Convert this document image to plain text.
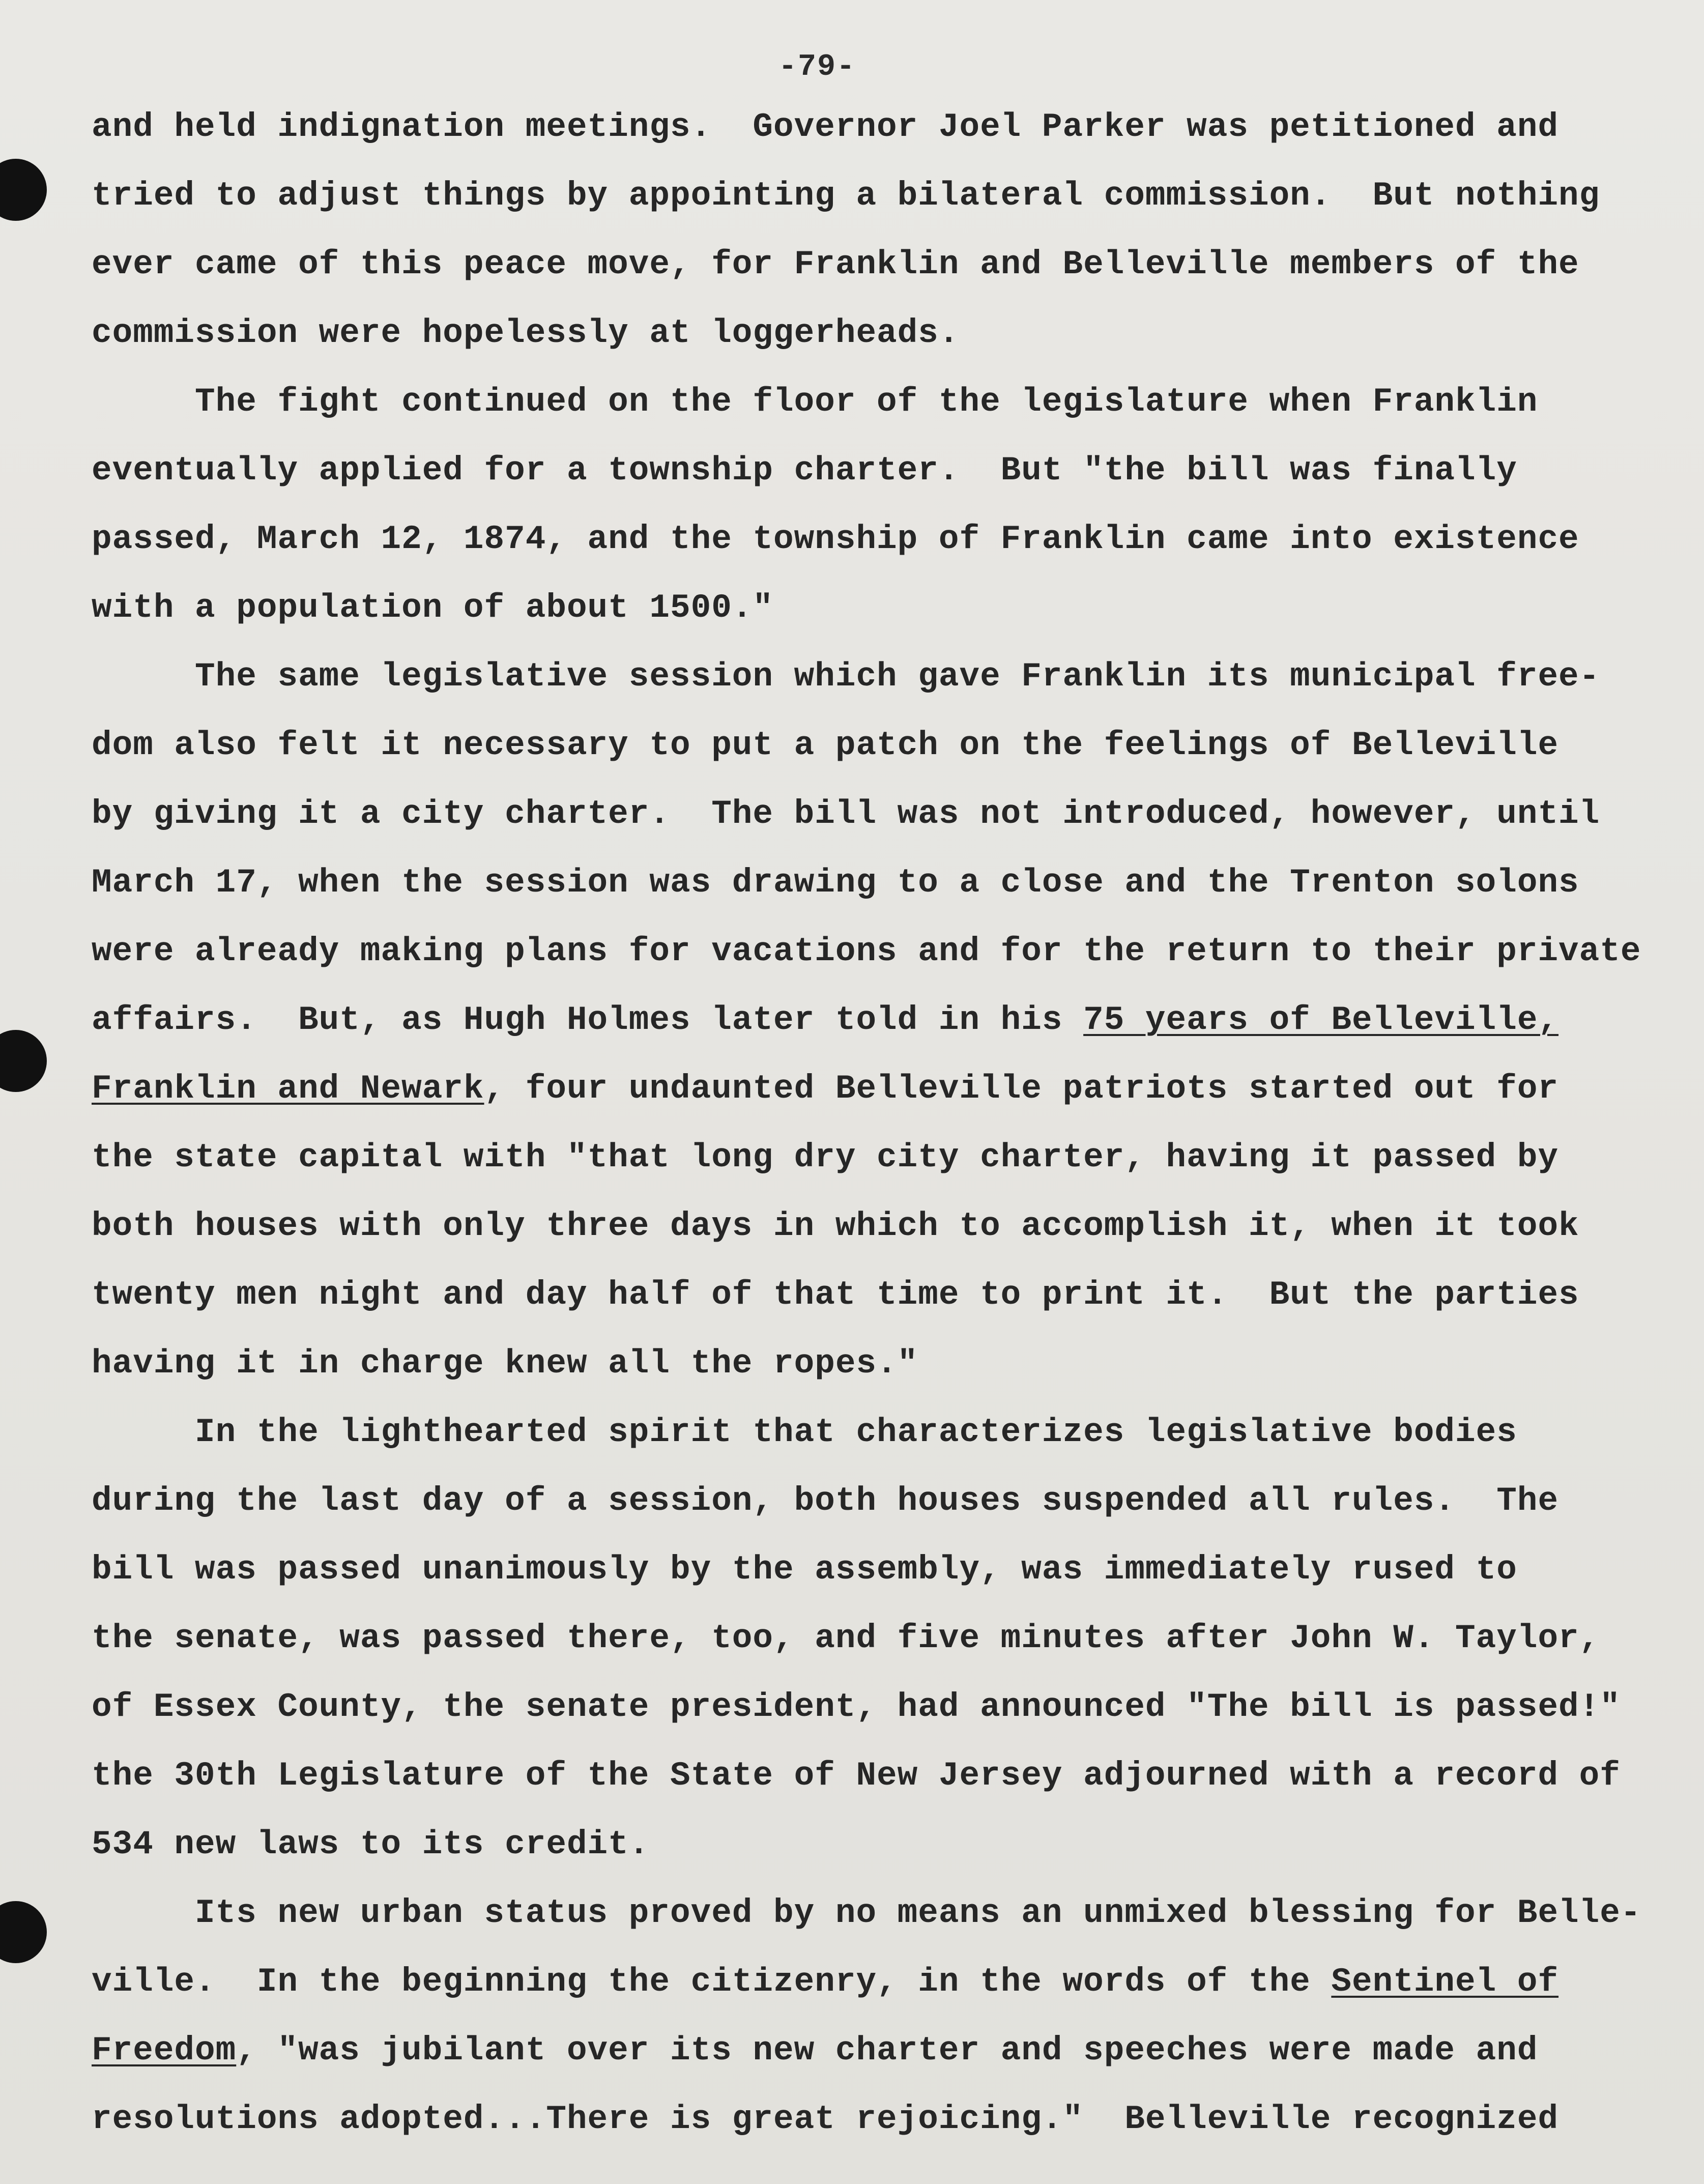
-79-
and held indignation meetings.  Governor Joel Parker was petitioned and
tried to adjust things by appointing a bilateral commission.  But nothing
ever came of this peace move, for Franklin and Belleville members of the
commission were hopelessly at loggerheads.
The fight continued on the floor of the legislature when Franklin
eventually applied for a township charter.  But "the bill was finally
passed, March 12, 1874, and the township of Franklin came into existence
with a population of about 1500."
The same legislative session which gave Franklin its municipal free-
dom also felt it necessary to put a patch on the feelings of Belleville
by giving it a city charter.  The bill was not introduced, however, until
March 17, when the session was drawing to a close and the Trenton solons
were already making plans for vacations and for the return to their private
affairs.  But, as Hugh Holmes later told in his 75 years of Belleville,
Franklin and Newark, four undaunted Belleville patriots started out for
the state capital with "that long dry city charter, having it passed by
both houses with only three days in which to accomplish it, when it took
twenty men night and day half of that time to print it.  But the parties
having it in charge knew all the ropes."
In the lighthearted spirit that characterizes legislative bodies
during the last day of a session, both houses suspended all rules.  The
bill was passed unanimously by the assembly, was immediately rused to
the senate, was passed there, too, and five minutes after John W. Taylor,
of Essex County, the senate president, had announced "The bill is passed!"
the 30th Legislature of the State of New Jersey adjourned with a record of
534 new laws to its credit.
Its new urban status proved by no means an unmixed blessing for Belle-
ville.  In the beginning the citizenry, in the words of the Sentinel of
Freedom, "was jubilant over its new charter and speeches were made and
resolutions adopted...There is great rejoicing."  Belleville recognized
